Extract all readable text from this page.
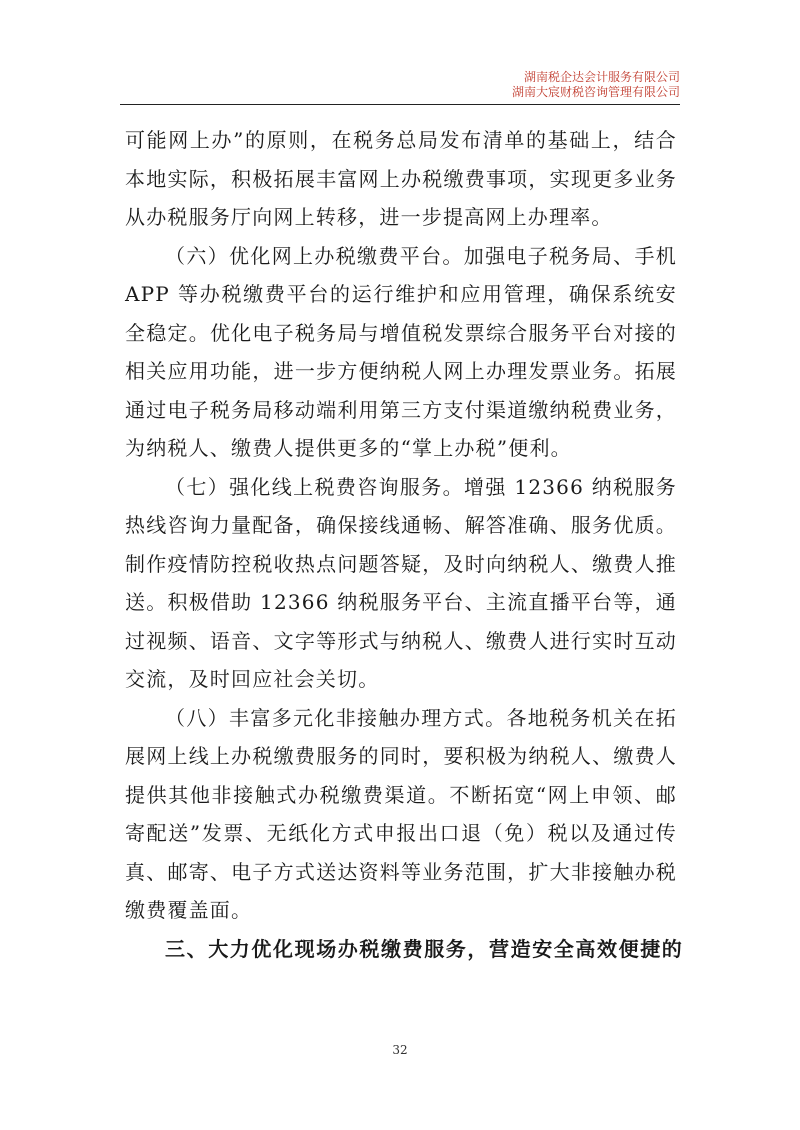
湖南税企达会计服务有限公司
湖南大宸财税咨询管理有限公司

可能网上办”的原则，在税务总局发布清单的基础上，结合本地实际，积极拓展丰富网上办税缴费事项，实现更多业务从办税服务厅向网上转移，进一步提高网上办理率。

（六）优化网上办税缴费平台。加强电子税务局、手机 APP 等办税缴费平台的运行维护和应用管理，确保系统安全稳定。优化电子税务局与增值税发票综合服务平台对接的相关应用功能，进一步方便纳税人网上办理发票业务。拓展通过电子税务局移动端利用第三方支付渠道缴纳税费业务，为纳税人、缴费人提供更多的“掌上办税”便利。

（七）强化线上税费咨询服务。增强 12366 纳税服务热线咨询力量配备，确保接线通畅、解答准确、服务优质。制作疫情防控税收热点问题答疑，及时向纳税人、缴费人推送。积极借助 12366 纳税服务平台、主流直播平台等，通过视频、语音、文字等形式与纳税人、缴费人进行实时互动交流，及时回应社会关切。

（八）丰富多元化非接触办理方式。各地税务机关在拓展网上线上办税缴费服务的同时，要积极为纳税人、缴费人提供其他非接触式办税缴费渠道。不断拓宽“网上申领、邮寄配送”发票、无纸化方式申报出口退（免）税以及通过传真、邮寄、电子方式送达资料等业务范围，扩大非接触办税缴费覆盖面。

三、大力优化现场办税缴费服务，营造安全高效便捷的

32
